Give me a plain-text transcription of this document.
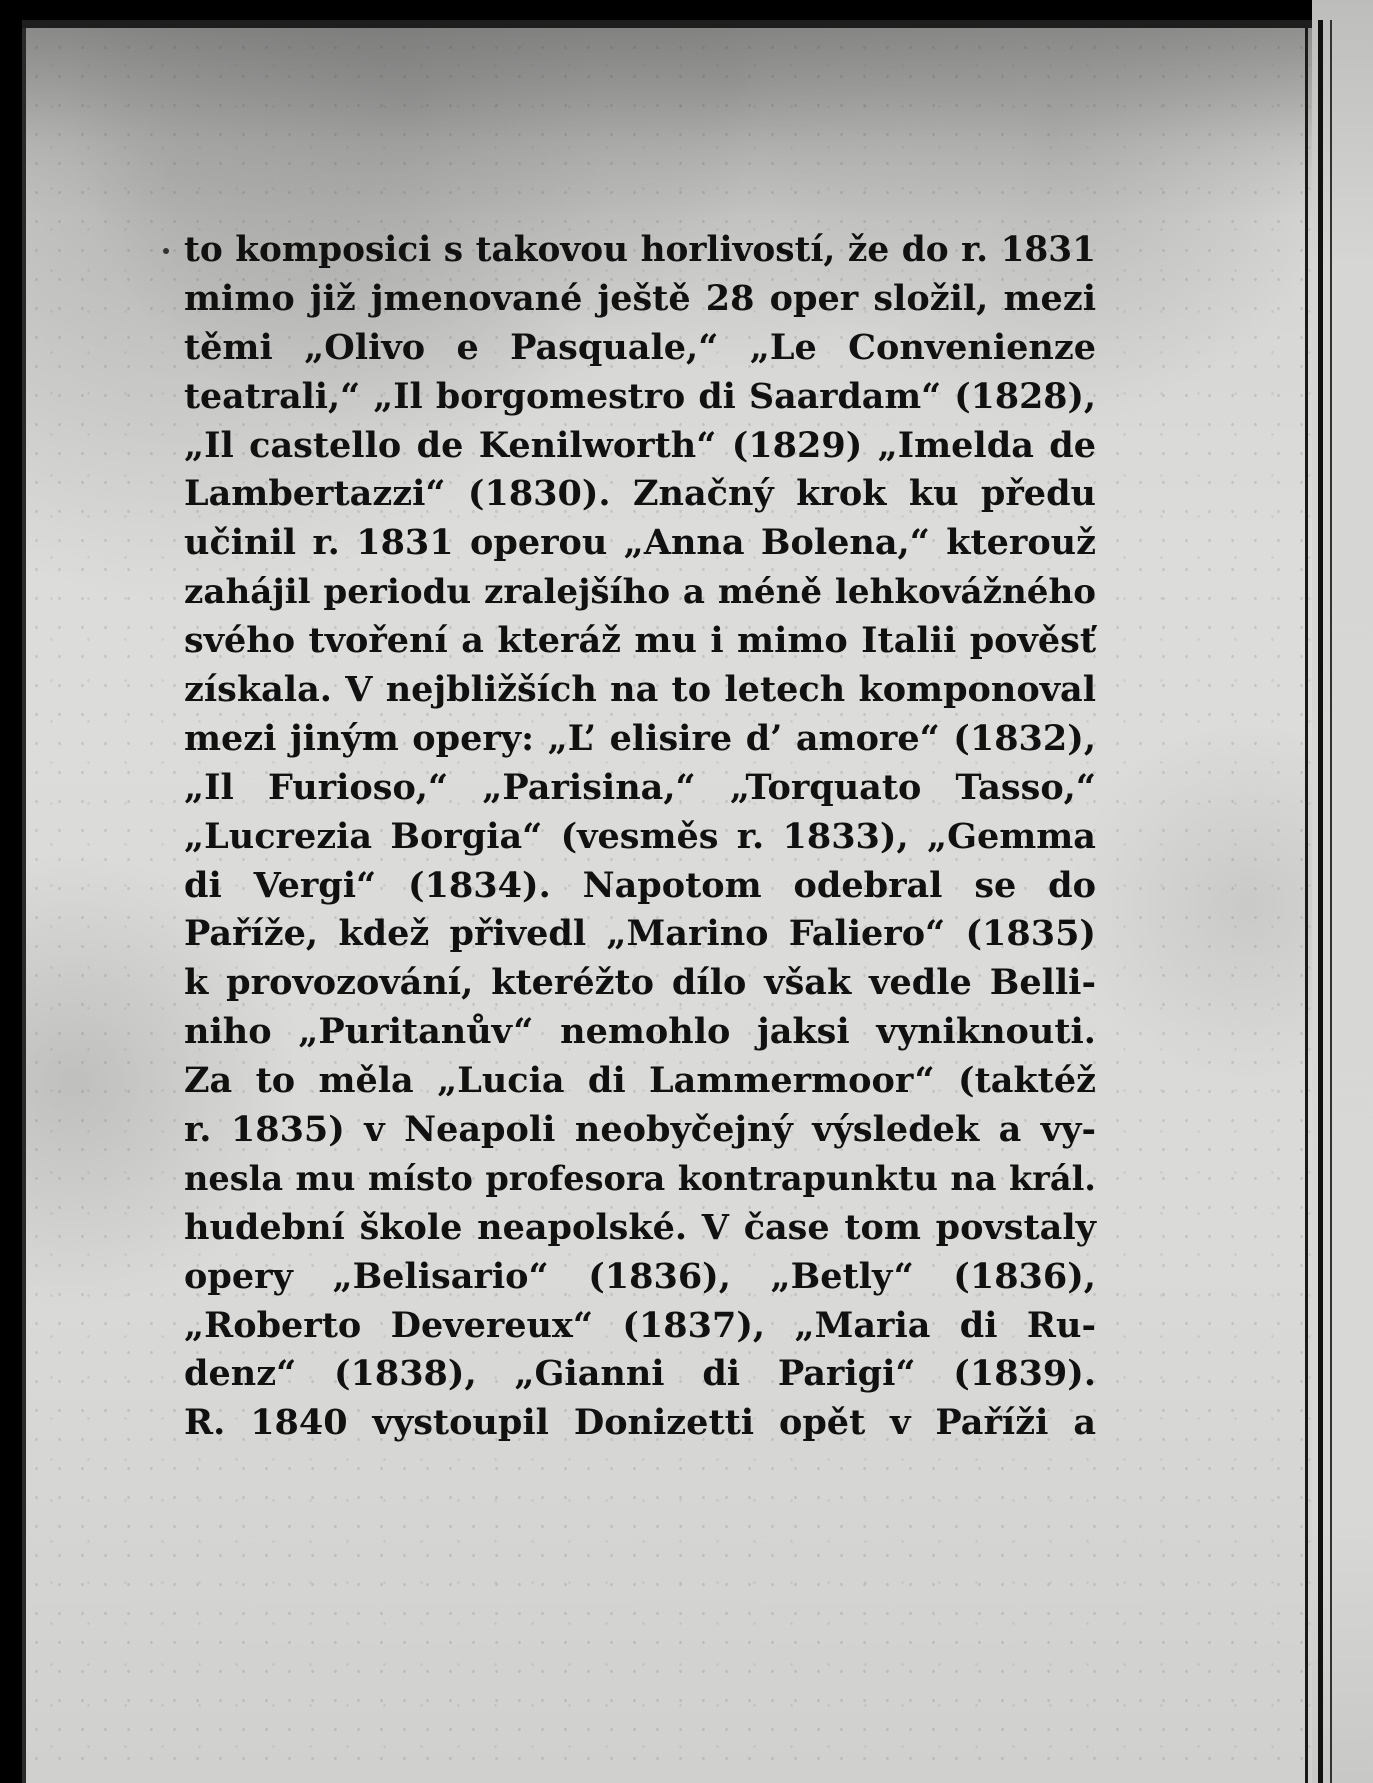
to komposici s takovou horlivostí, že do r. 1831
mimo již jmenované ještě 28 oper složil, mezi
těmi „Olivo e Pasquale,“ „Le Convenienze
teatrali,“ „Il borgomestro di Saardam“ (1828),
„Il castello de Kenilworth“ (1829) „Imelda de
Lambertazzi“ (1830). Značný krok ku předu
učinil r. 1831 operou „Anna Bolena,“ kterouž
zahájil periodu zralejšího a méně lehkovážného
svého tvoření a kteráž mu i mimo Italii pověsť
získala. V nejbližších na to letech komponoval
mezi jiným opery: „L’ elisire d’ amore“ (1832),
„Il Furioso,“ „Parisina,“ „Torquato Tasso,“
„Lucrezia Borgia“ (vesměs r. 1833), „Gemma
di Vergi“ (1834). Napotom odebral se do
Paříže, kdež přivedl „Marino Faliero“ (1835)
k provozování, kteréžto dílo však vedle Belli-
niho „Puritanův“ nemohlo jaksi vyniknouti.
Za to měla „Lucia di Lammermoor“ (taktéž
r. 1835) v Neapoli neobyčejný výsledek a vy-
nesla mu místo profesora kontrapunktu na král.
hudební škole neapolské. V čase tom povstaly
opery „Belisario“ (1836), „Betly“ (1836),
„Roberto Devereux“ (1837), „Maria di Ru-
denz“ (1838), „Gianni di Parigi“ (1839).
R. 1840 vystoupil Donizetti opět v Paříži a
